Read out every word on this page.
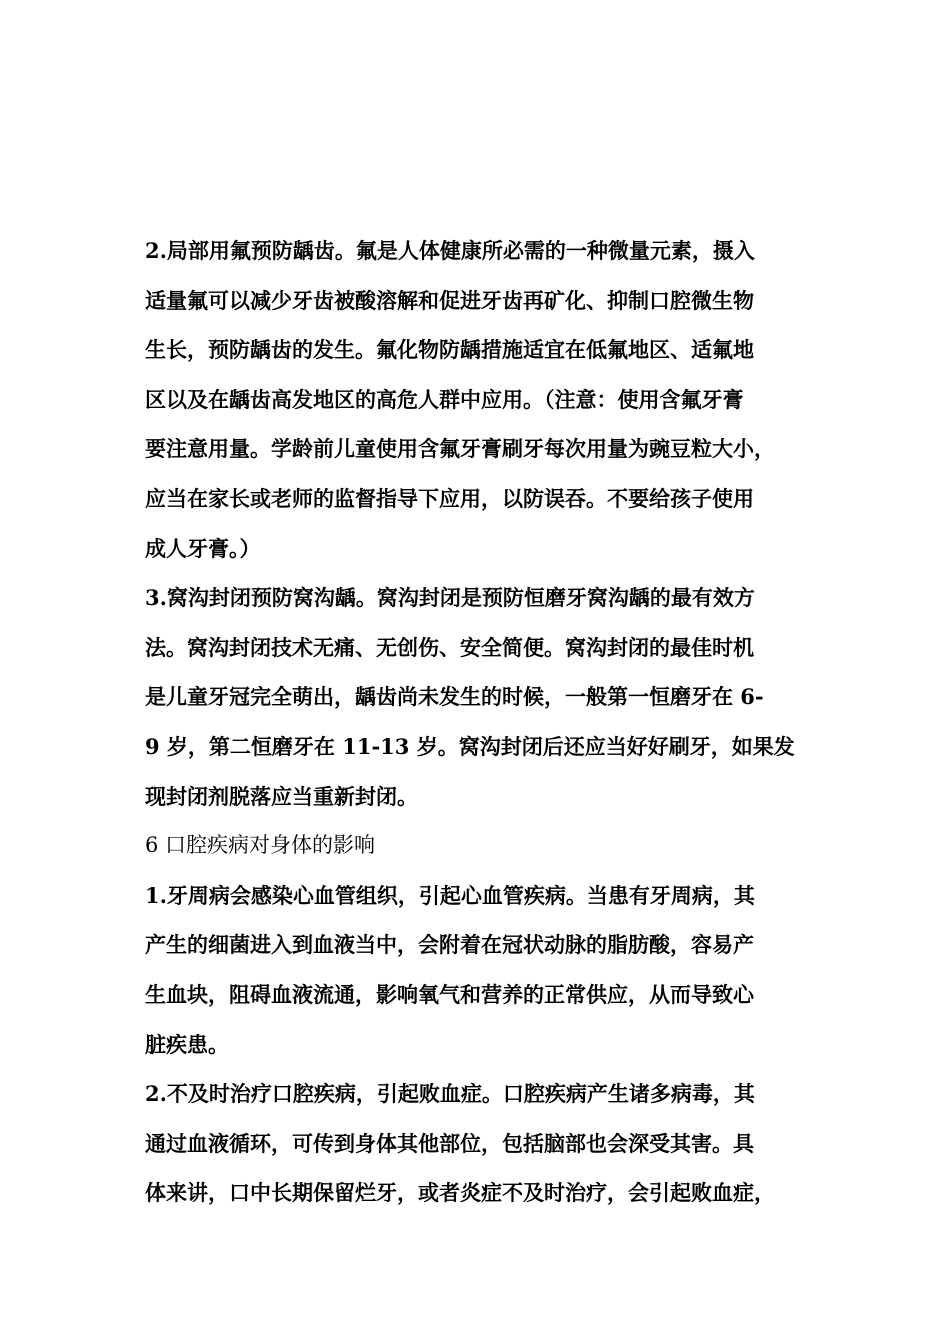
2.局部用氟预防龋齿。氟是人体健康所必需的一种微量元素，摄入
适量氟可以减少牙齿被酸溶解和促进牙齿再矿化、抑制口腔微生物
生长，预防龋齿的发生。氟化物防龋措施适宜在低氟地区、适氟地
区以及在龋齿高发地区的高危人群中应用。（注意：使用含氟牙膏
要注意用量。学龄前儿童使用含氟牙膏刷牙每次用量为豌豆粒大小，
应当在家长或老师的监督指导下应用，以防误吞。不要给孩子使用
成人牙膏。）
3.窝沟封闭预防窝沟龋。窝沟封闭是预防恒磨牙窝沟龋的最有效方
法。窝沟封闭技术无痛、无创伤、安全简便。窝沟封闭的最佳时机
是儿童牙冠完全萌出，龋齿尚未发生的时候，一般第一恒磨牙在 6-
9 岁，第二恒磨牙在 11-13 岁。窝沟封闭后还应当好好刷牙，如果发
现封闭剂脱落应当重新封闭。
6 口腔疾病对身体的影响
1.牙周病会感染心血管组织，引起心血管疾病。当患有牙周病，其
产生的细菌进入到血液当中，会附着在冠状动脉的脂肪酸，容易产
生血块，阻碍血液流通，影响氧气和营养的正常供应，从而导致心
脏疾患。
2.不及时治疗口腔疾病，引起败血症。口腔疾病产生诸多病毒，其
通过血液循环，可传到身体其他部位，包括脑部也会深受其害。具
体来讲，口中长期保留烂牙，或者炎症不及时治疗，会引起败血症，
